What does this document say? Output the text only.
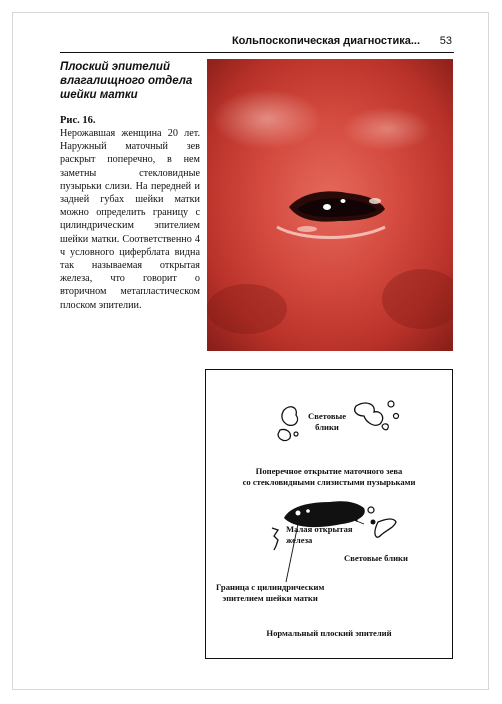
Кольпоскопическая диагностика... 53
Плоский эпителий влагалищного отдела шейки матки
Рис. 16.

Нерожавшая женщина 20 лет. Наружный маточный зев раскрыт поперечно, в нем заметны стекловидные пузырьки слизи. На передней и задней губах шейки матки можно определить границу с цилиндрическим эпителием шейки матки. Соответственно 4 ч условного циферблата видна так называемая открытая железа, что говорит о вторичном метапластическом плоском эпителии.

Световые
блики

Поперечное открытие маточного зева
со стекловидными слизистыми пузырьками

Малая открытая
железа

Световые блики

Граница с цилиндрическим
эпителием шейки матки

Нормальный плоский эпителий
